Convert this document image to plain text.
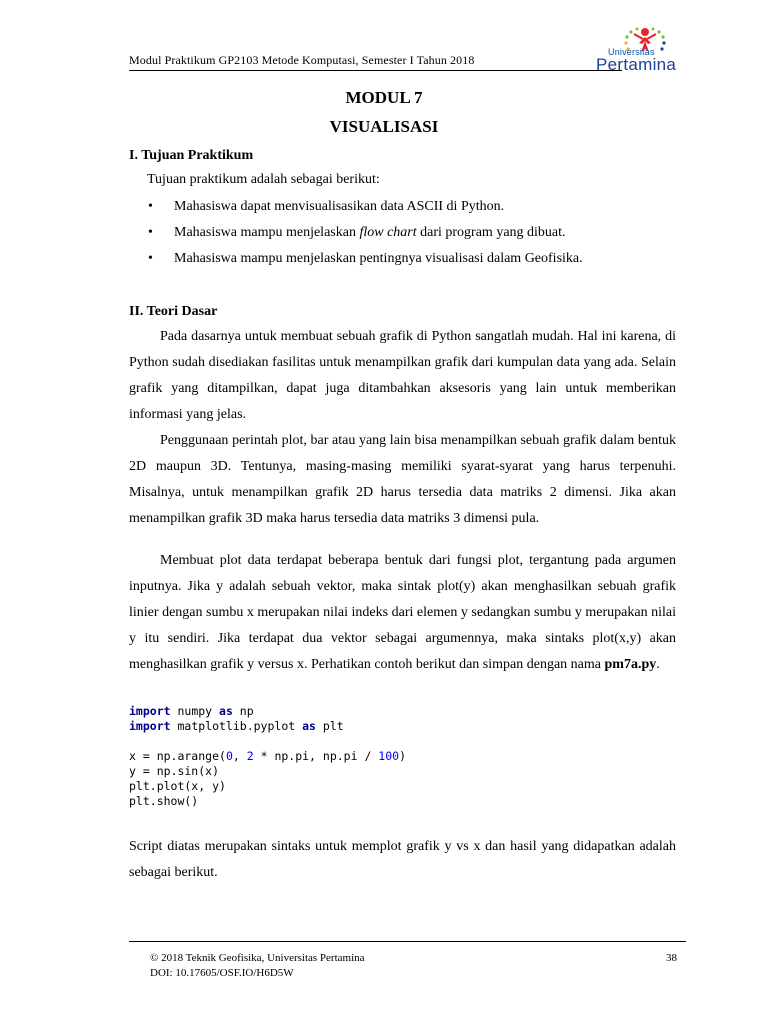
Modul Praktikum GP2103 Metode Komputasi, Semester I Tahun 2018
Universitas
Pertamina
MODUL 7
VISUALISASI
I. Tujuan Praktikum
Tujuan praktikum adalah sebagai berikut:
• Mahasiswa dapat menvisualisasikan data ASCII di Python.
• Mahasiswa mampu menjelaskan flow chart dari program yang dibuat.
• Mahasiswa mampu menjelaskan pentingnya visualisasi dalam Geofisika.
II. Teori Dasar

Pada dasarnya untuk membuat sebuah grafik di Python sangatlah mudah. Hal ini karena, di Python sudah disediakan fasilitas untuk menampilkan grafik dari kumpulan data yang ada. Selain grafik yang ditampilkan, dapat juga ditambahkan aksesoris yang lain untuk memberikan informasi yang jelas.

Penggunaan perintah plot, bar atau yang lain bisa menampilkan sebuah grafik dalam bentuk 2D maupun 3D. Tentunya, masing-masing memiliki syarat-syarat yang harus terpenuhi. Misalnya, untuk menampilkan grafik 2D harus tersedia data matriks 2 dimensi. Jika akan menampilkan grafik 3D maka harus tersedia data matriks 3 dimensi pula.

Membuat plot data terdapat beberapa bentuk dari fungsi plot, tergantung pada argumen inputnya. Jika y adalah sebuah vektor, maka sintak plot(y) akan menghasilkan sebuah grafik linier dengan sumbu x merupakan nilai indeks dari elemen y sedangkan sumbu y merupakan nilai y itu sendiri. Jika terdapat dua vektor sebagai argumennya, maka sintaks plot(x,y) akan menghasilkan grafik y versus x. Perhatikan contoh berikut dan simpan dengan nama pm7a.py.

import numpy as np
import matplotlib.pyplot as plt

x = np.arange(0, 2 * np.pi, np.pi / 100)
y = np.sin(x)
plt.plot(x, y)
plt.show()

Script diatas merupakan sintaks untuk memplot grafik y vs x dan hasil yang didapatkan adalah sebagai berikut.

© 2018 Teknik Geofisika, Universitas Pertamina
DOI: 10.17605/OSF.IO/H6D5W
38
